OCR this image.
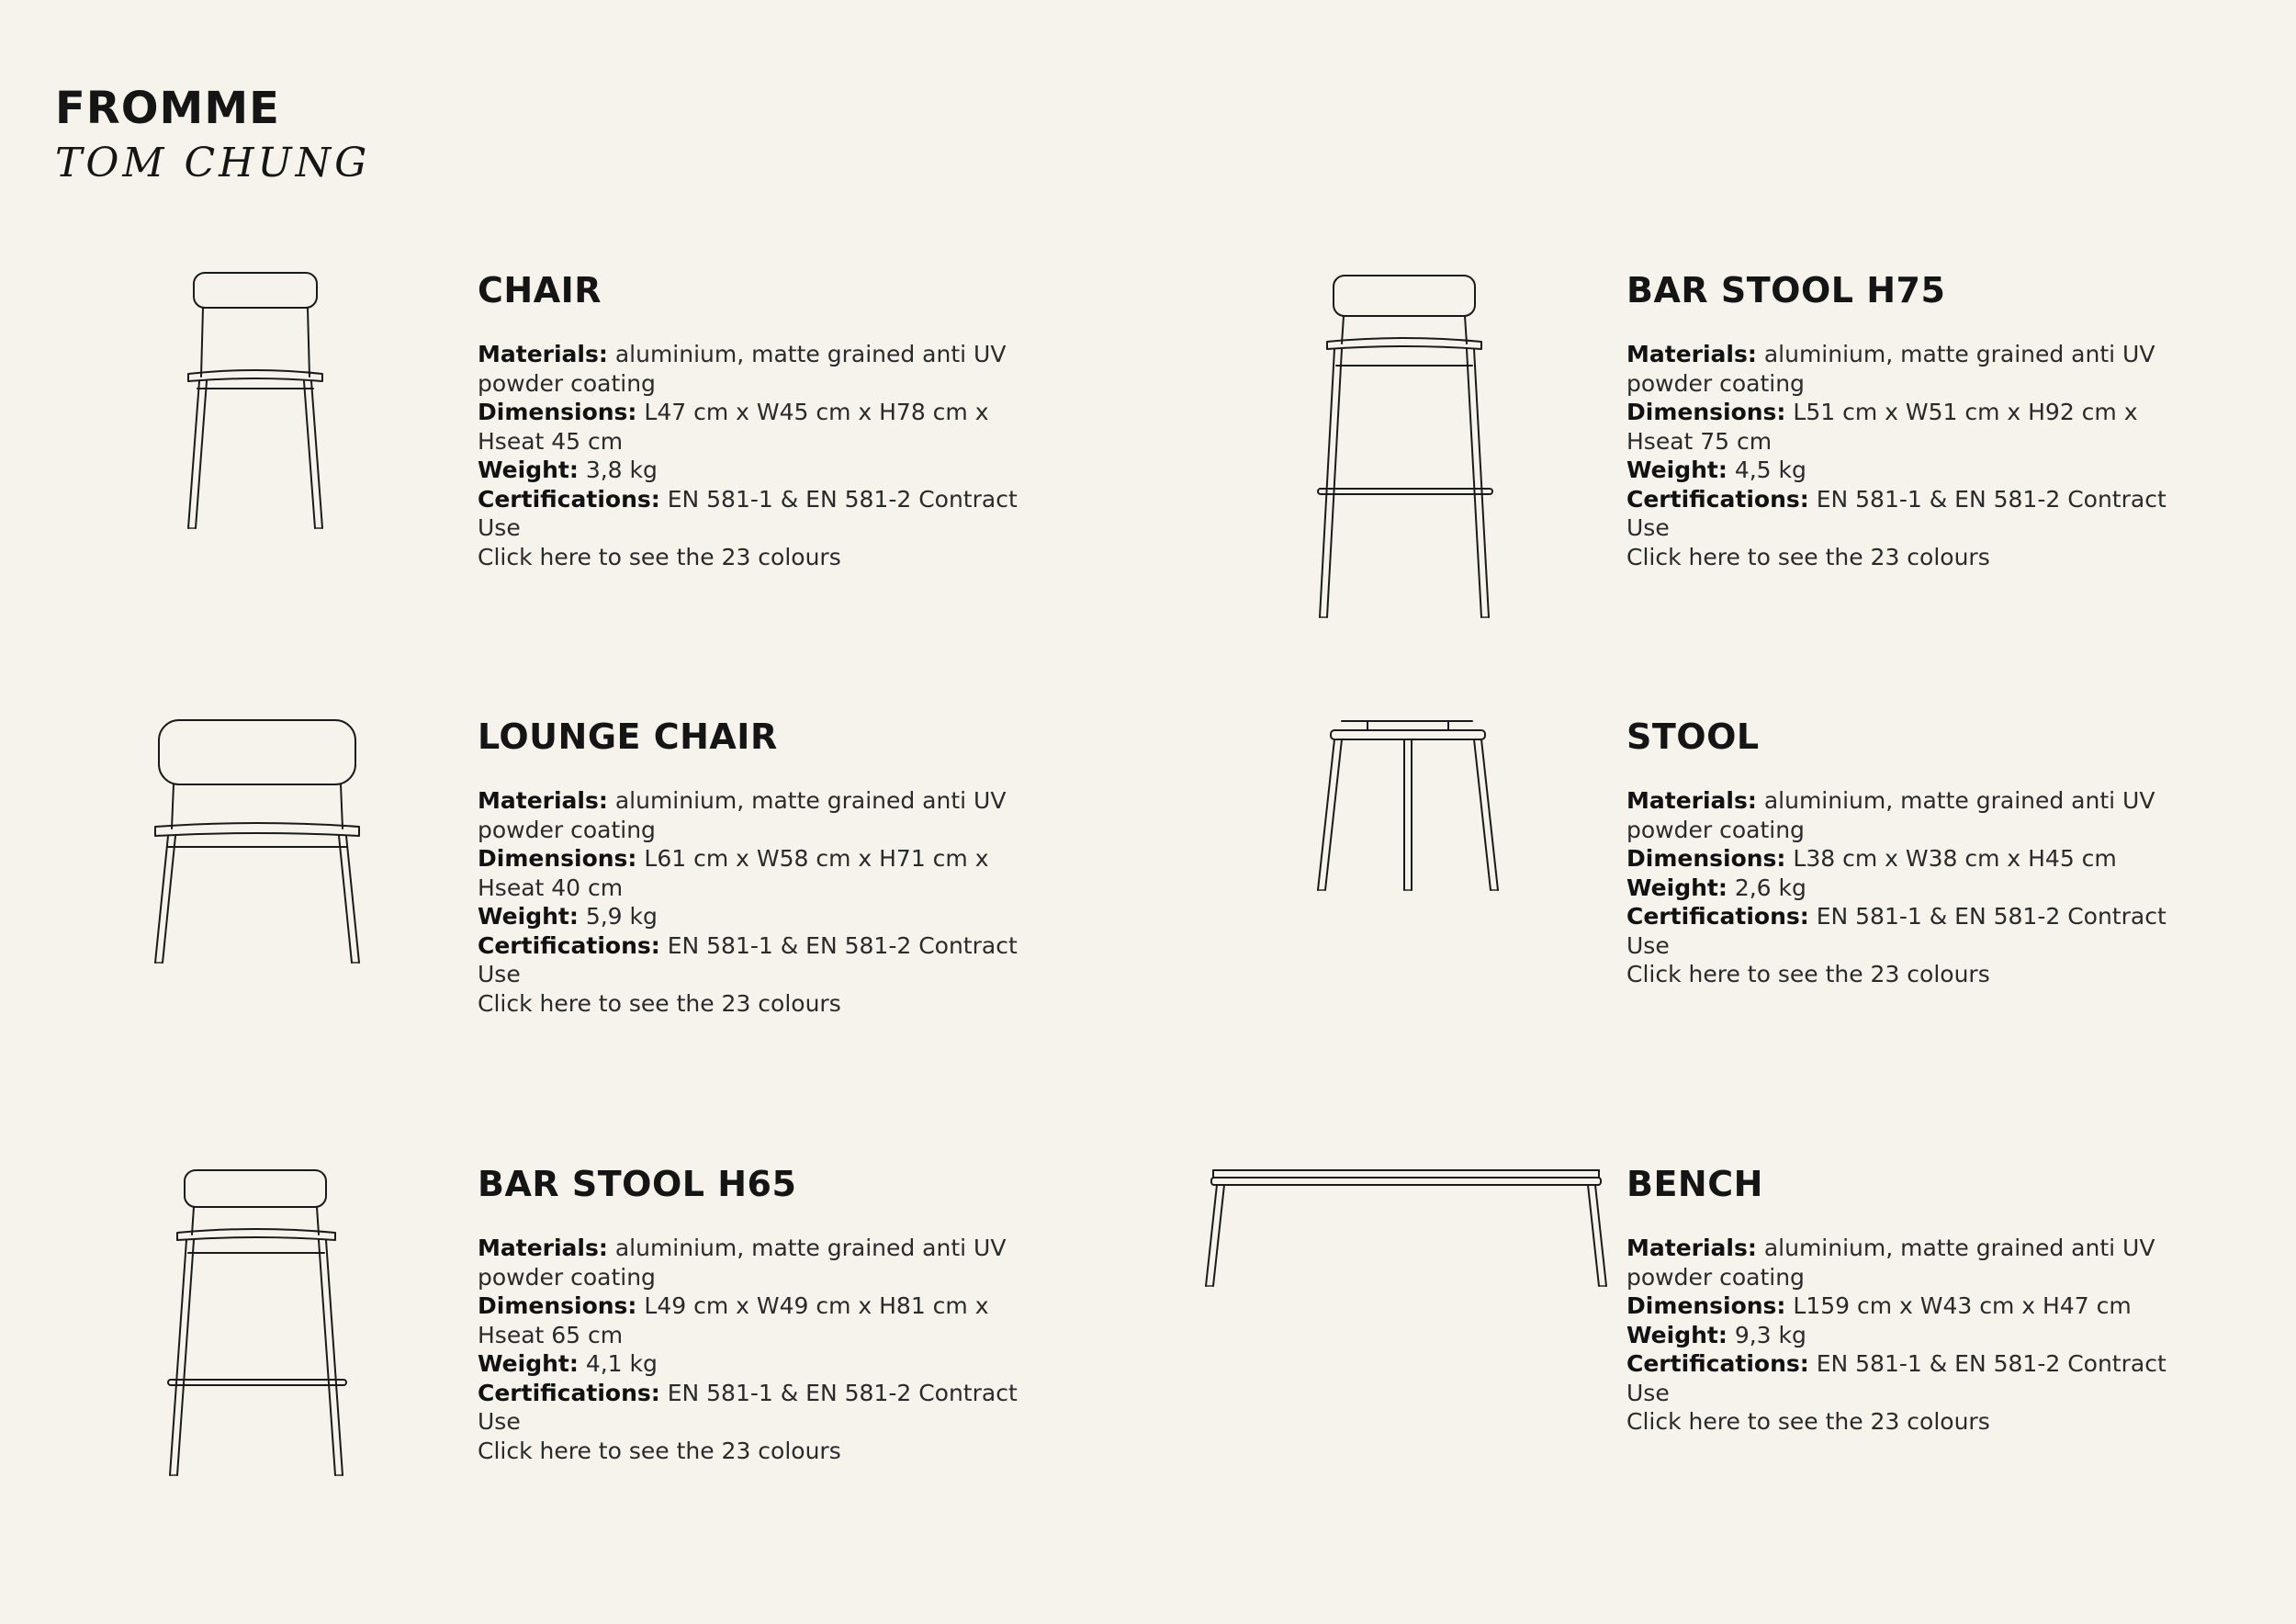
FROMME
TOM CHUNG
CHAIR
Materials: aluminium, matte grained anti UV powder coating
Dimensions: L47 cm x W45 cm x H78 cm x Hseat 45 cm
Weight: 3,8 kg
Certifications: EN 581-1 & EN 581-2 Contract Use
Click here to see the 23 colours
BAR STOOL H75
Materials: aluminium, matte grained anti UV powder coating
Dimensions: L51 cm x W51 cm x H92 cm x Hseat 75 cm
Weight: 4,5 kg
Certifications: EN 581-1 & EN 581-2 Contract Use
Click here to see the 23 colours
LOUNGE CHAIR
Materials: aluminium, matte grained anti UV powder coating
Dimensions: L61 cm x W58 cm x H71 cm x Hseat 40 cm
Weight: 5,9 kg
Certifications: EN 581-1 & EN 581-2 Contract Use
Click here to see the 23 colours
STOOL
Materials: aluminium, matte grained anti UV powder coating
Dimensions: L38 cm x W38 cm x H45 cm
Weight: 2,6 kg
Certifications: EN 581-1 & EN 581-2 Contract Use
Click here to see the 23 colours
BAR STOOL H65
Materials: aluminium, matte grained anti UV powder coating
Dimensions: L49 cm x W49 cm x H81 cm x Hseat 65 cm
Weight: 4,1 kg
Certifications: EN 581-1 & EN 581-2 Contract Use
Click here to see the 23 colours
BENCH
Materials: aluminium, matte grained anti UV powder coating
Dimensions: L159 cm x W43 cm x H47 cm
Weight: 9,3 kg
Certifications: EN 581-1 & EN 581-2 Contract Use
Click here to see the 23 colours
